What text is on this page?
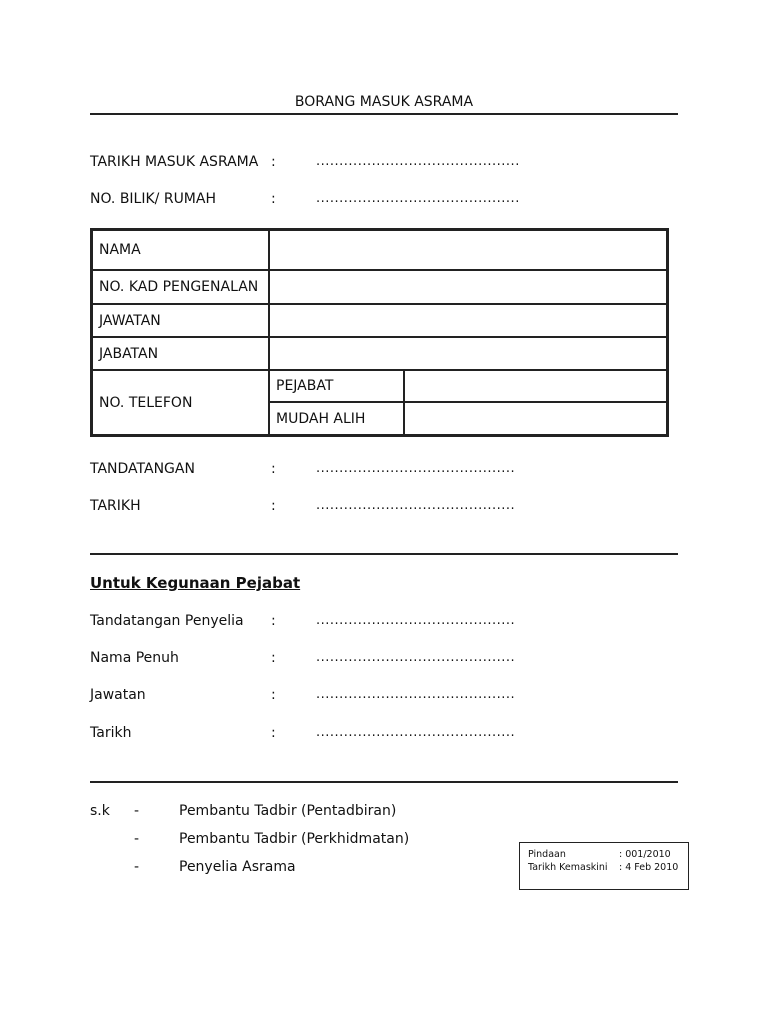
BORANG MASUK ASRAMA
TARIKH MASUK ASRAMA :	............................................
NO. BILIK/ RUMAH	:	............................................
NAMA		
NO. KAD PENGENALAN		
JAWATAN		
JABATAN		
NO. TELEFON	PEJABAT	
	MUDAH ALIH	
TANDATANGAN	:	...........................................
TARIKH	:	...........................................
Untuk Kegunaan Pejabat
Tandatangan Penyelia :	...........................................
Nama Penuh	:	...........................................
Jawatan	:	...........................................
Tarikh	:	...........................................
s.k -	Pembantu Tadbir (Pentadbiran)
-	Pembantu Tadbir (Perkhidmatan)
-	Penyelia Asrama
Pindaan	: 001/2010
Tarikh Kemaskini	: 4 Feb 2010
